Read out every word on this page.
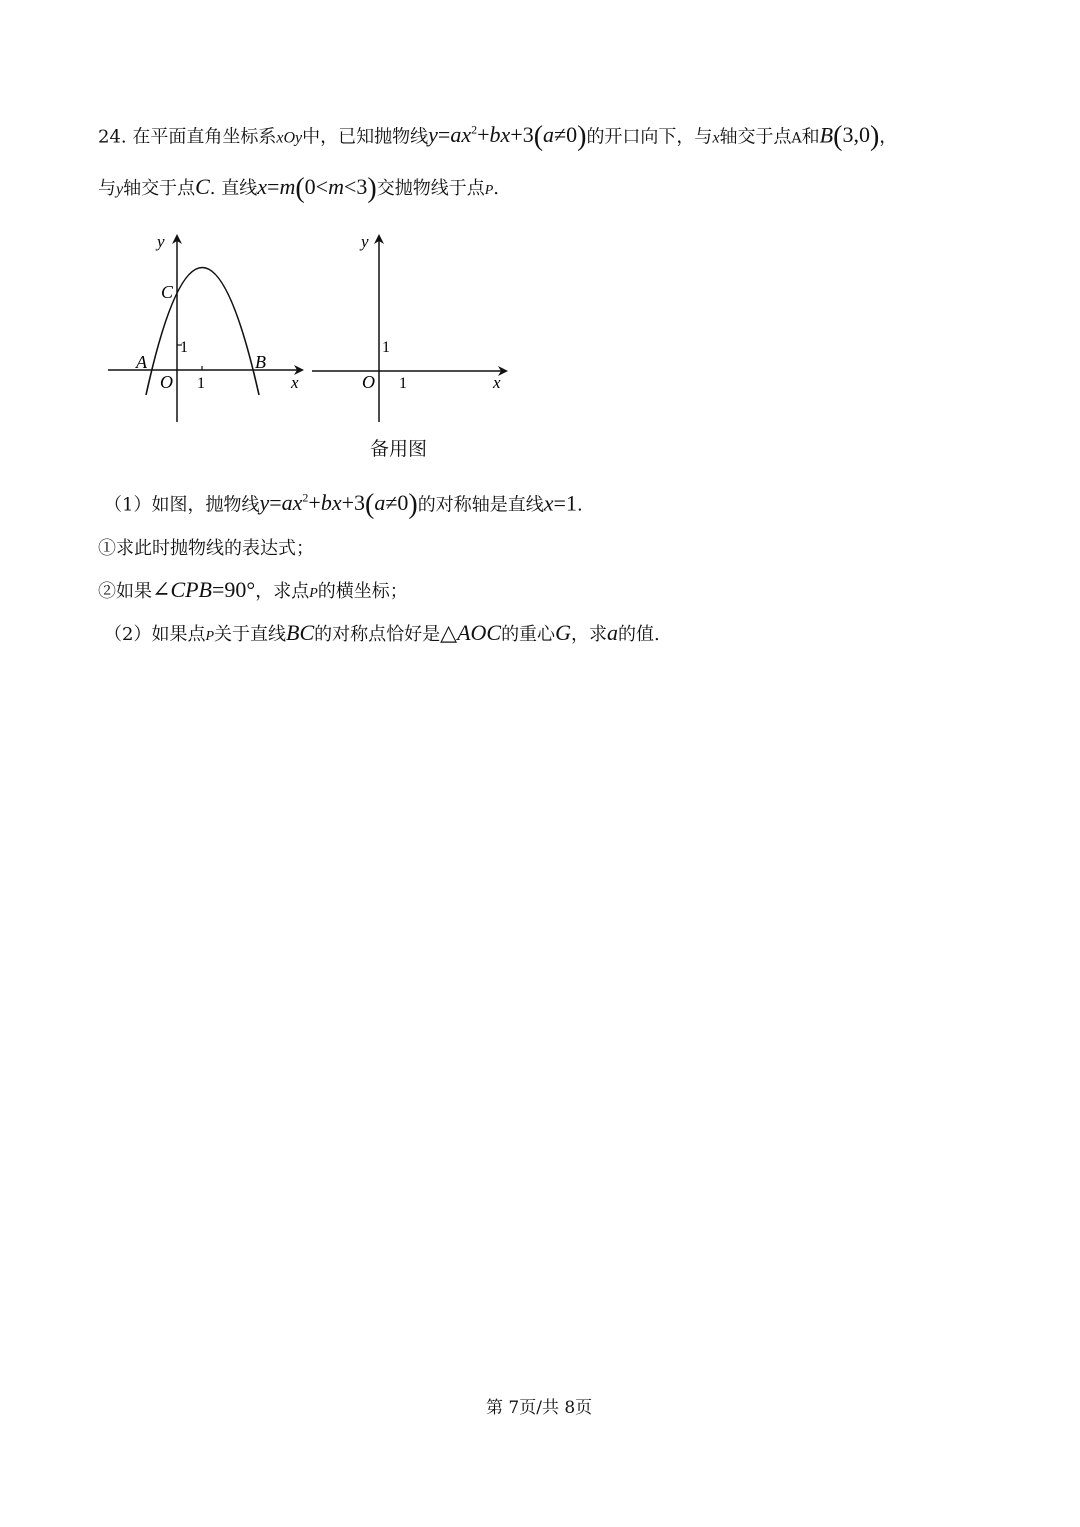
24. 在平面直角坐标系xOy中，已知抛物线$y=ax^2+bx+3(a\ne 0)$的开口向下，与x轴交于点A和B(3,0)，
与y轴交于点C. 直线x=m(0<m<3)交抛物线于点P.
y
x
C
A	B
O 1
1
y
x
O 1
1
备用图
（1）如图，抛物线$y=ax^2+bx+3(a\ne 0)$的对称轴是直线x=1.
①求此时抛物线的表达式；
②如果∠CPB=90°，求点P的横坐标；
（2）如果点P关于直线BC的对称点恰好是△AOC的重心G，求a的值.
第 7页/共 8页
